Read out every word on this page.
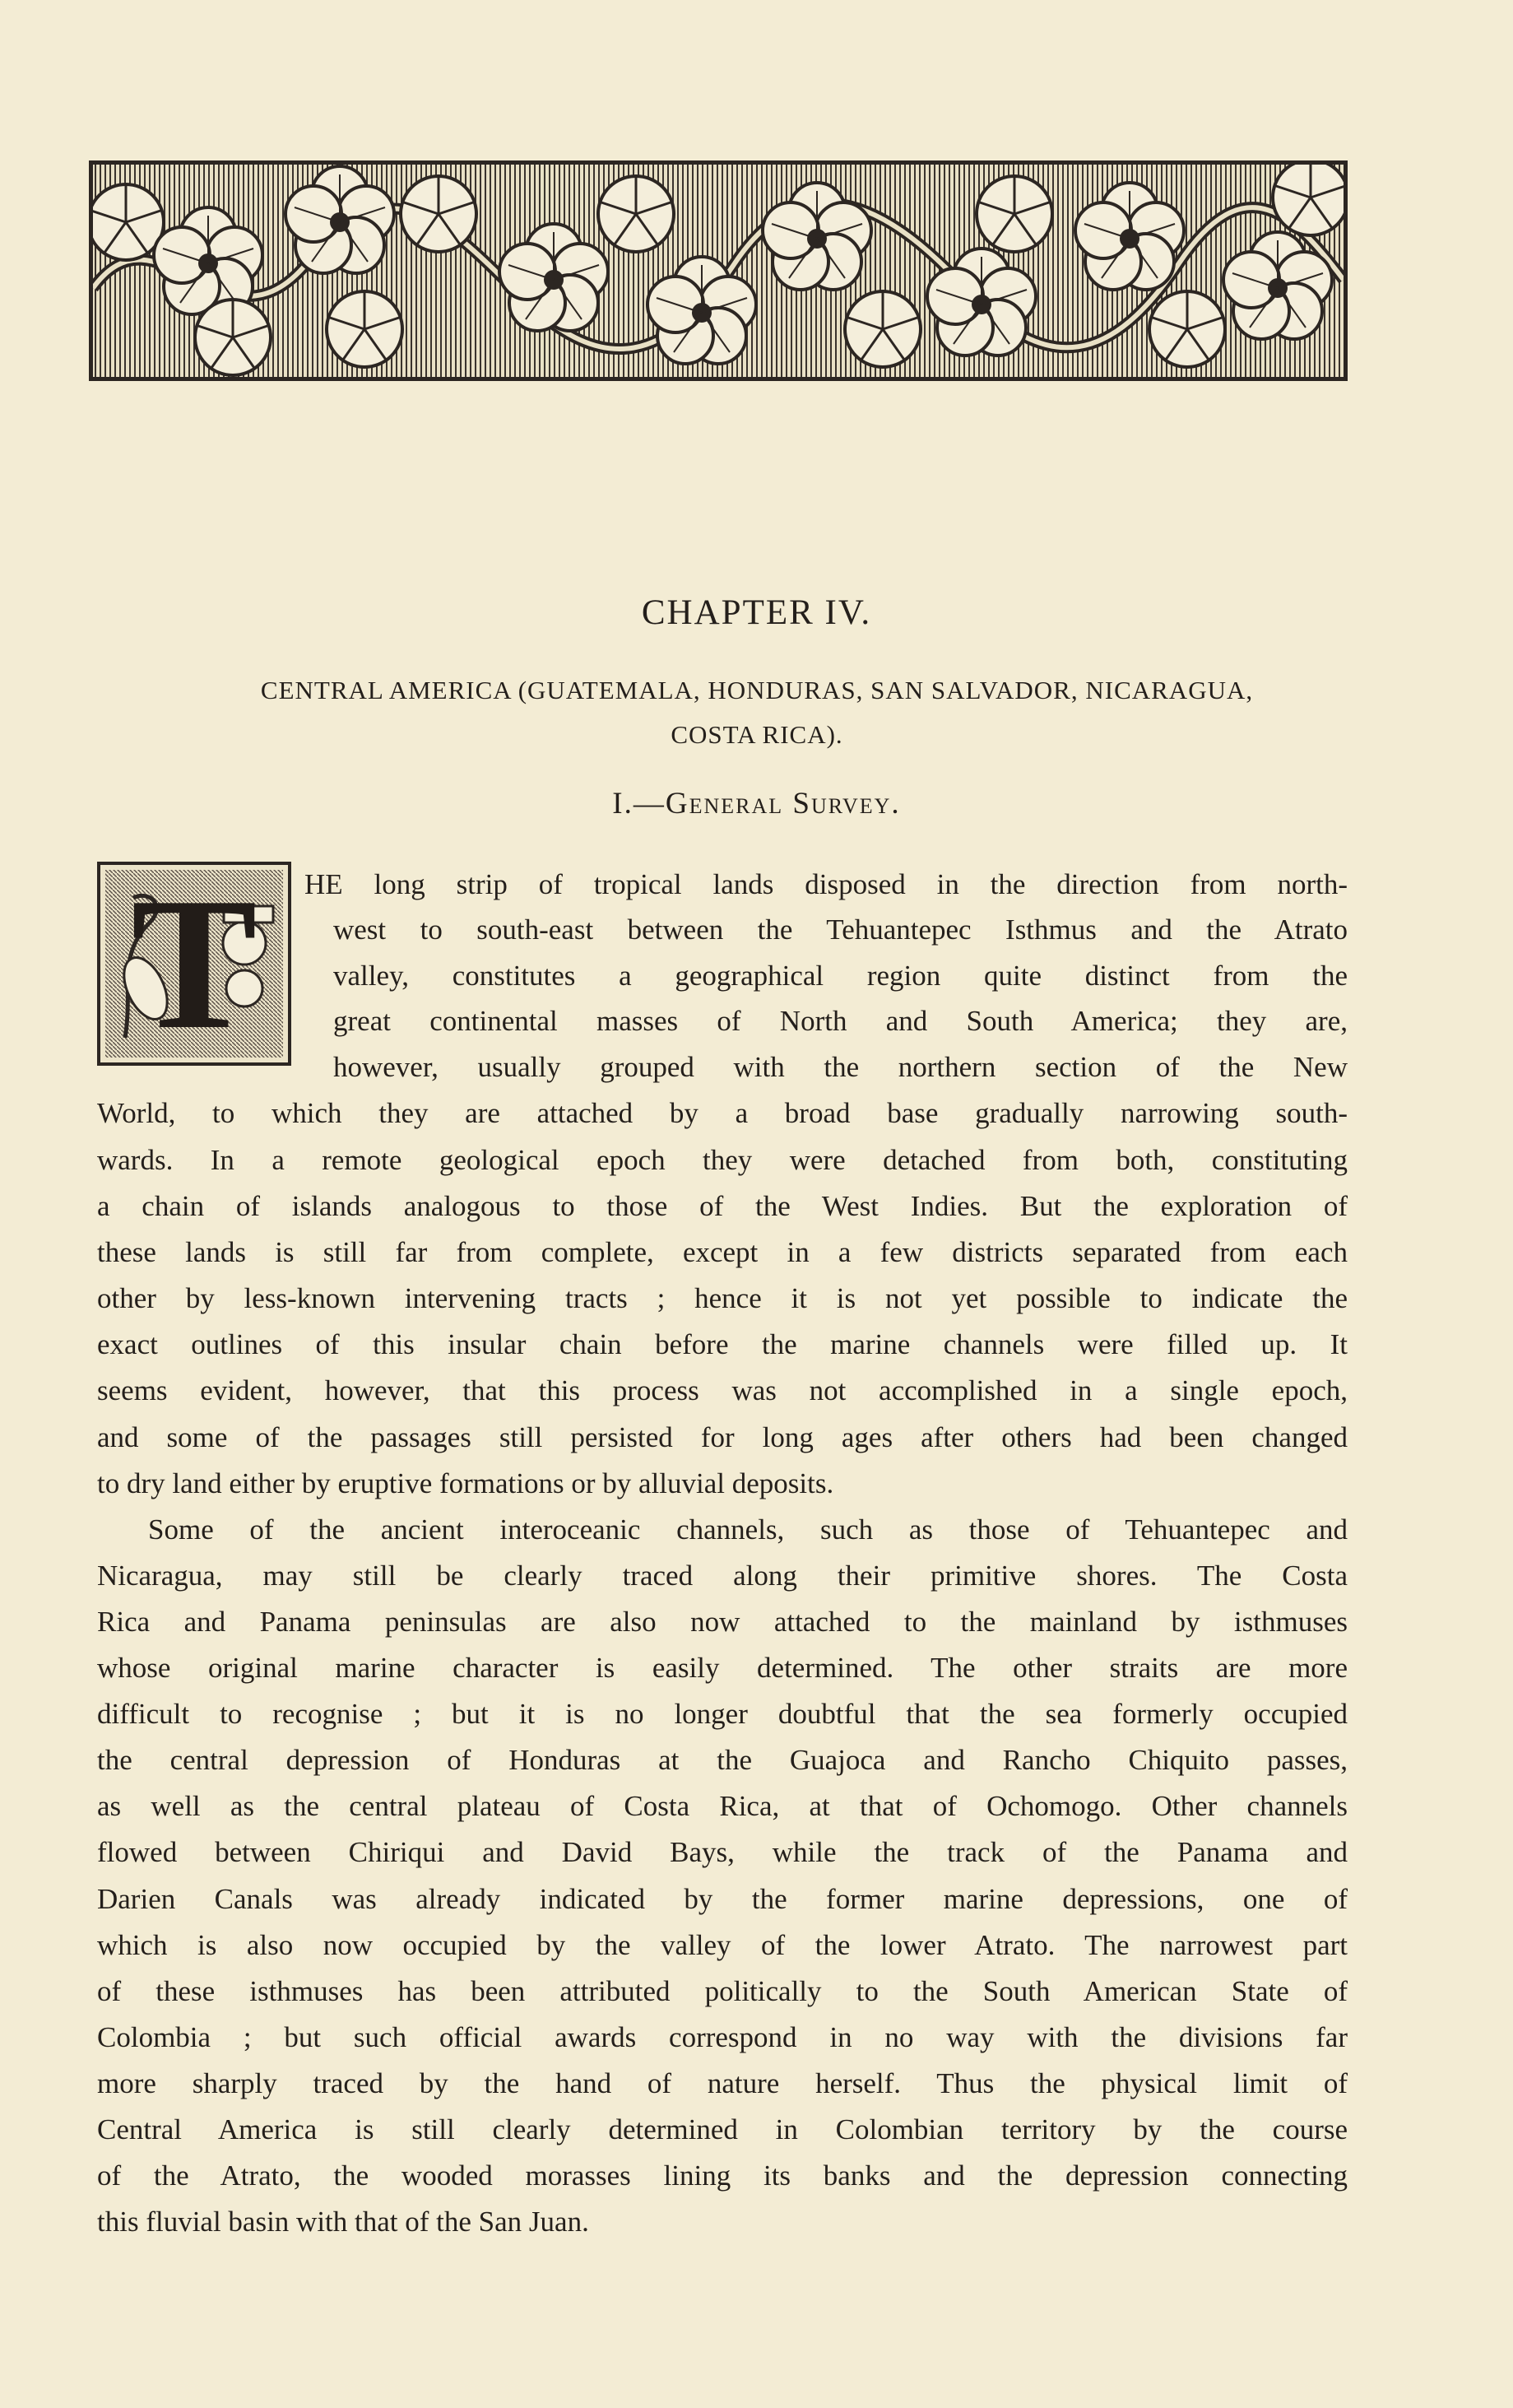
CHAPTER IV.
CENTRAL AMERICA (GUATEMALA, HONDURAS, SAN SALVADOR, NICARAGUA,
COSTA RICA).
I.—General Survey.
T	HE long strip of tropical lands disposed in the direction from north-
west to south-east between the Tehuantepec Isthmus and the Atrato
valley, constitutes a geographical region quite distinct from the
great continental masses of North and South America; they are,
however, usually grouped with the northern section of the New
World, to which they are attached by a broad base gradually narrowing south-
wards. In a remote geological epoch they were detached from both, constituting
a chain of islands analogous to those of the West Indies. But the exploration of
these lands is still far from complete, except in a few districts separated from each
other by less-known intervening tracts ; hence it is not yet possible to indicate the
exact outlines of this insular chain before the marine channels were filled up. It
seems evident, however, that this process was not accomplished in a single epoch,
and some of the passages still persisted for long ages after others had been changed
to dry land either by eruptive formations or by alluvial deposits.
Some of the ancient interoceanic channels, such as those of Tehuantepec and
Nicaragua, may still be clearly traced along their primitive shores. The Costa
Rica and Panama peninsulas are also now attached to the mainland by isthmuses
whose original marine character is easily determined. The other straits are more
difficult to recognise ; but it is no longer doubtful that the sea formerly occupied
the central depression of Honduras at the Guajoca and Rancho Chiquito passes,
as well as the central plateau of Costa Rica, at that of Ochomogo. Other channels
flowed between Chiriqui and David Bays, while the track of the Panama and
Darien Canals was already indicated by the former marine depressions, one of
which is also now occupied by the valley of the lower Atrato. The narrowest part
of these isthmuses has been attributed politically to the South American State of
Colombia ; but such official awards correspond in no way with the divisions far
more sharply traced by the hand of nature herself. Thus the physical limit of
Central America is still clearly determined in Colombian territory by the course
of the Atrato, the wooded morasses lining its banks and the depression connecting
this fluvial basin with that of the San Juan.
